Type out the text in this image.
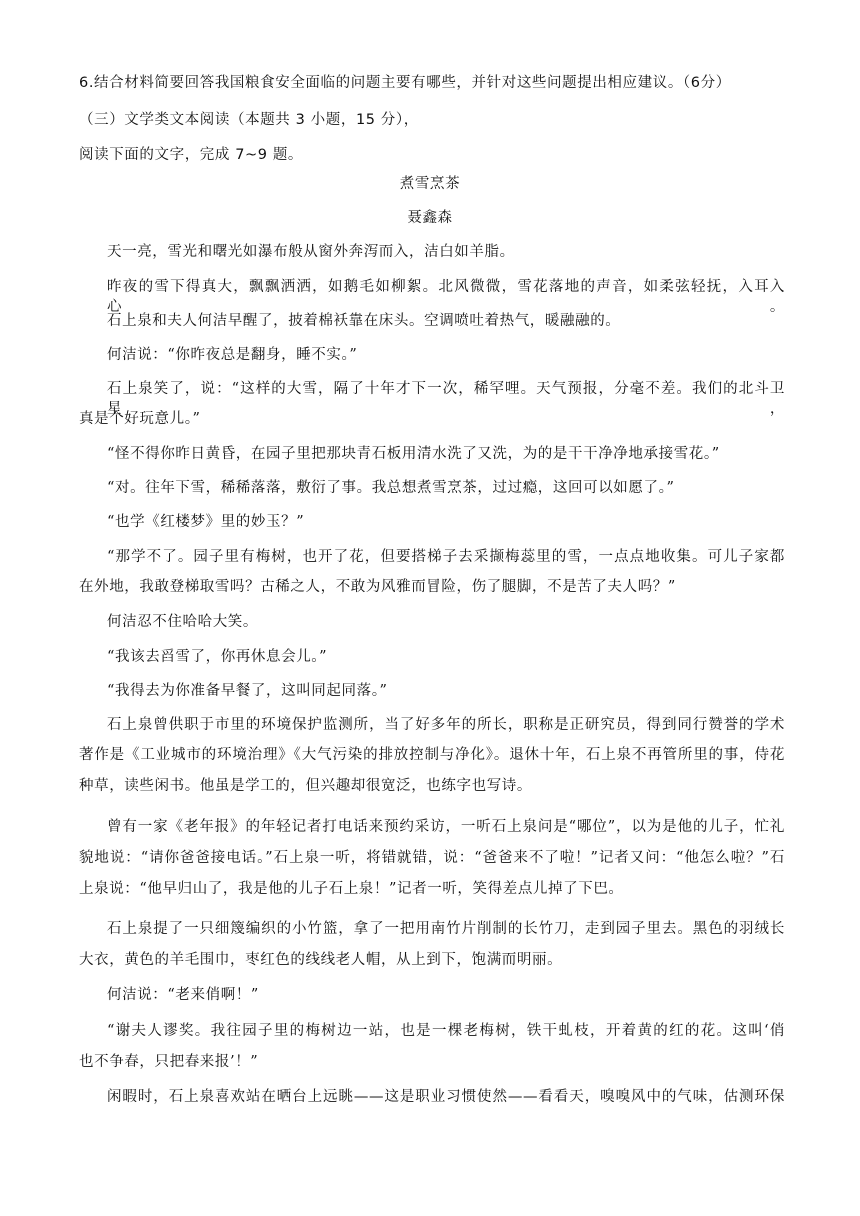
6.结合材料简要回答我国粮食安全面临的问题主要有哪些，并针对这些问题提出相应建议。（6分）
（三）文学类文本阅读（本题共 3 小题，15 分），
阅读下面的文字，完成 7~9 题。
煮雪烹茶
聂鑫森
天一亮，雪光和曙光如瀑布般从窗外奔泻而入，洁白如羊脂。
昨夜的雪下得真大，飘飘洒洒，如鹅毛如柳絮。北风微微，雪花落地的声音，如柔弦轻抚，入耳入心。
石上泉和夫人何洁早醒了，披着棉袄靠在床头。空调喷吐着热气，暖融融的。
何洁说：“你昨夜总是翻身，睡不实。”
石上泉笑了，说：“这样的大雪，隔了十年才下一次，稀罕哩。天气预报，分毫不差。我们的北斗卫星，
真是个好玩意儿。”
“怪不得你昨日黄昏，在园子里把那块青石板用清水洗了又洗，为的是干干净净地承接雪花。”
“对。往年下雪，稀稀落落，敷衍了事。我总想煮雪烹茶，过过瘾，这回可以如愿了。”
“也学《红楼梦》里的妙玉？”
“那学不了。园子里有梅树，也开了花，但要搭梯子去采撷梅蕊里的雪，一点点地收集。可儿子家都
在外地，我敢登梯取雪吗？古稀之人，不敢为风雅而冒险，伤了腿脚，不是苦了夫人吗？”
何洁忍不住哈哈大笑。
“我该去舀雪了，你再休息会儿。”
“我得去为你准备早餐了，这叫同起同落。”
石上泉曾供职于市里的环境保护监测所，当了好多年的所长，职称是正研究员，得到同行赞誉的学术
著作是《工业城市的环境治理》《大气污染的排放控制与净化》。退休十年，石上泉不再管所里的事，侍花
种草，读些闲书。他虽是学工的，但兴趣却很宽泛，也练字也写诗。
曾有一家《老年报》的年轻记者打电话来预约采访，一听石上泉问是“哪位”，以为是他的儿子，忙礼
貌地说：“请你爸爸接电话。”石上泉一听，将错就错，说：“爸爸来不了啦！”记者又问：“他怎么啦？”石
上泉说：“他早归山了，我是他的儿子石上泉！”记者一听，笑得差点儿掉了下巴。
石上泉提了一只细篾编织的小竹篮，拿了一把用南竹片削制的长竹刀，走到园子里去。黑色的羽绒长
大衣，黄色的羊毛围巾，枣红色的线线老人帽，从上到下，饱满而明丽。
何洁说：“老来俏啊！”
“谢夫人谬奖。我往园子里的梅树边一站，也是一棵老梅树，铁干虬枝，开着黄的红的花。这叫‘俏
也不争春，只把春来报’！”
闲暇时，石上泉喜欢站在晒台上远眺——这是职业习惯使然——看看天，嗅嗅风中的气味，估测环保
